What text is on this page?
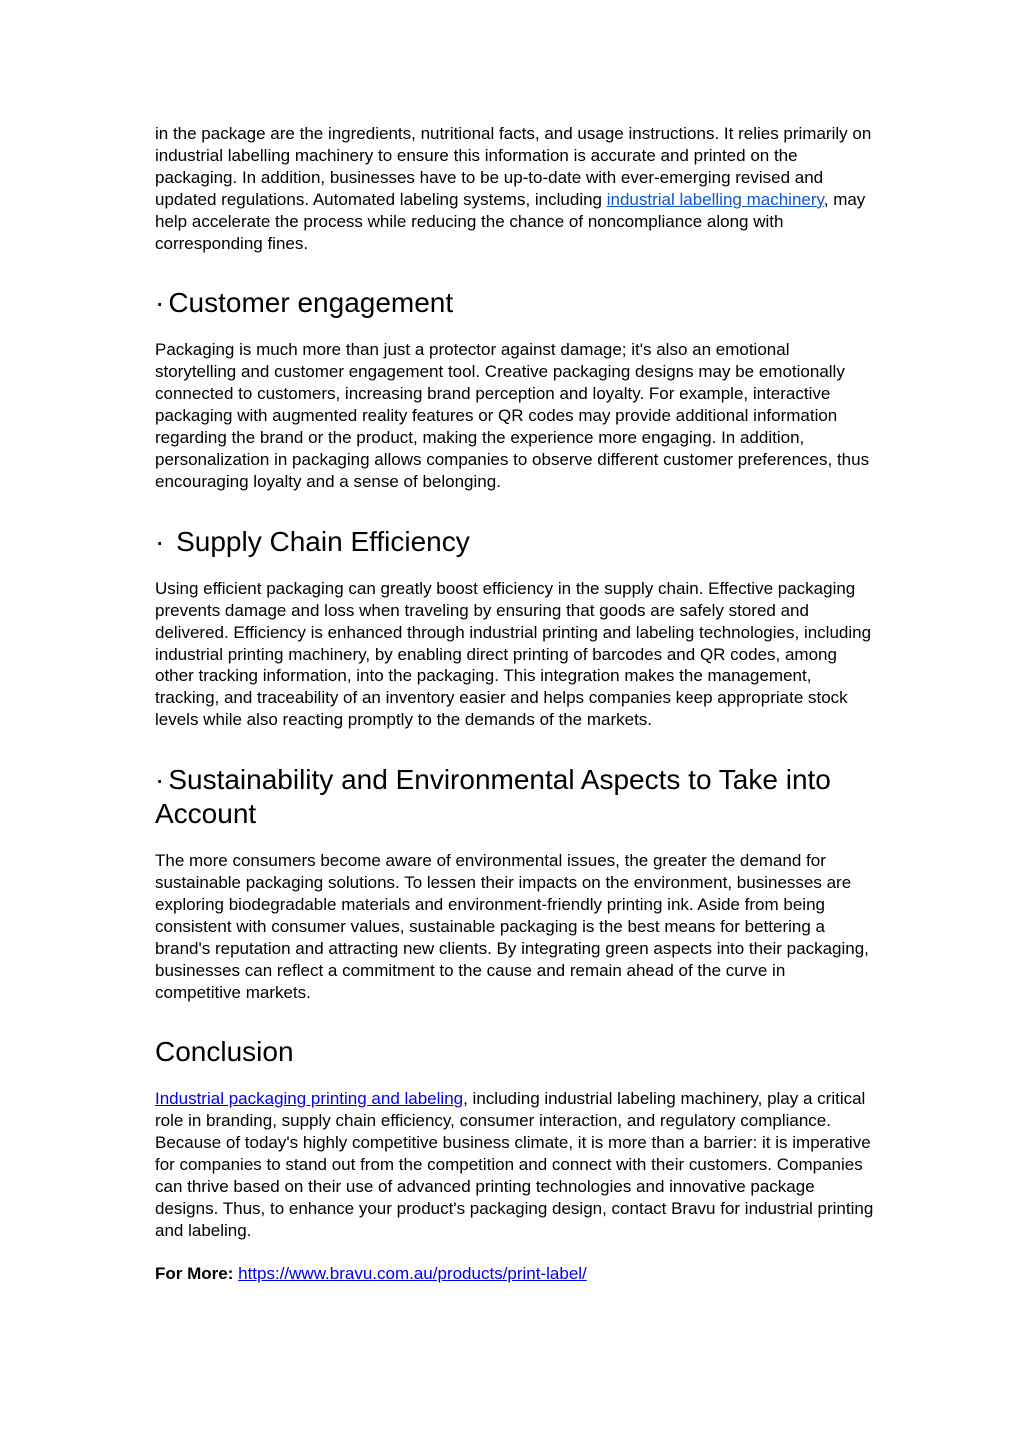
in the package are the ingredients, nutritional facts, and usage instructions. It relies primarily on industrial labelling machinery to ensure this information is accurate and printed on the packaging. In addition, businesses have to be up-to-date with ever-emerging revised and updated regulations. Automated labeling systems, including industrial labelling machinery, may help accelerate the process while reducing the chance of noncompliance along with corresponding fines.

· Customer engagement

Packaging is much more than just a protector against damage; it's also an emotional storytelling and customer engagement tool. Creative packaging designs may be emotionally connected to customers, increasing brand perception and loyalty. For example, interactive packaging with augmented reality features or QR codes may provide additional information regarding the brand or the product, making the experience more engaging. In addition, personalization in packaging allows companies to observe different customer preferences, thus encouraging loyalty and a sense of belonging.

· Supply Chain Efficiency

Using efficient packaging can greatly boost efficiency in the supply chain. Effective packaging prevents damage and loss when traveling by ensuring that goods are safely stored and delivered. Efficiency is enhanced through industrial printing and labeling technologies, including industrial printing machinery, by enabling direct printing of barcodes and QR codes, among other tracking information, into the packaging. This integration makes the management, tracking, and traceability of an inventory easier and helps companies keep appropriate stock levels while also reacting promptly to the demands of the markets.

· Sustainability and Environmental Aspects to Take into Account

The more consumers become aware of environmental issues, the greater the demand for sustainable packaging solutions. To lessen their impacts on the environment, businesses are exploring biodegradable materials and environment-friendly printing ink. Aside from being consistent with consumer values, sustainable packaging is the best means for bettering a brand's reputation and attracting new clients. By integrating green aspects into their packaging, businesses can reflect a commitment to the cause and remain ahead of the curve in competitive markets.

Conclusion

Industrial packaging printing and labeling, including industrial labeling machinery, play a critical role in branding, supply chain efficiency, consumer interaction, and regulatory compliance. Because of today's highly competitive business climate, it is more than a barrier: it is imperative for companies to stand out from the competition and connect with their customers. Companies can thrive based on their use of advanced printing technologies and innovative package designs. Thus, to enhance your product's packaging design, contact Bravu for industrial printing and labeling.

For More: https://www.bravu.com.au/products/print-label/
